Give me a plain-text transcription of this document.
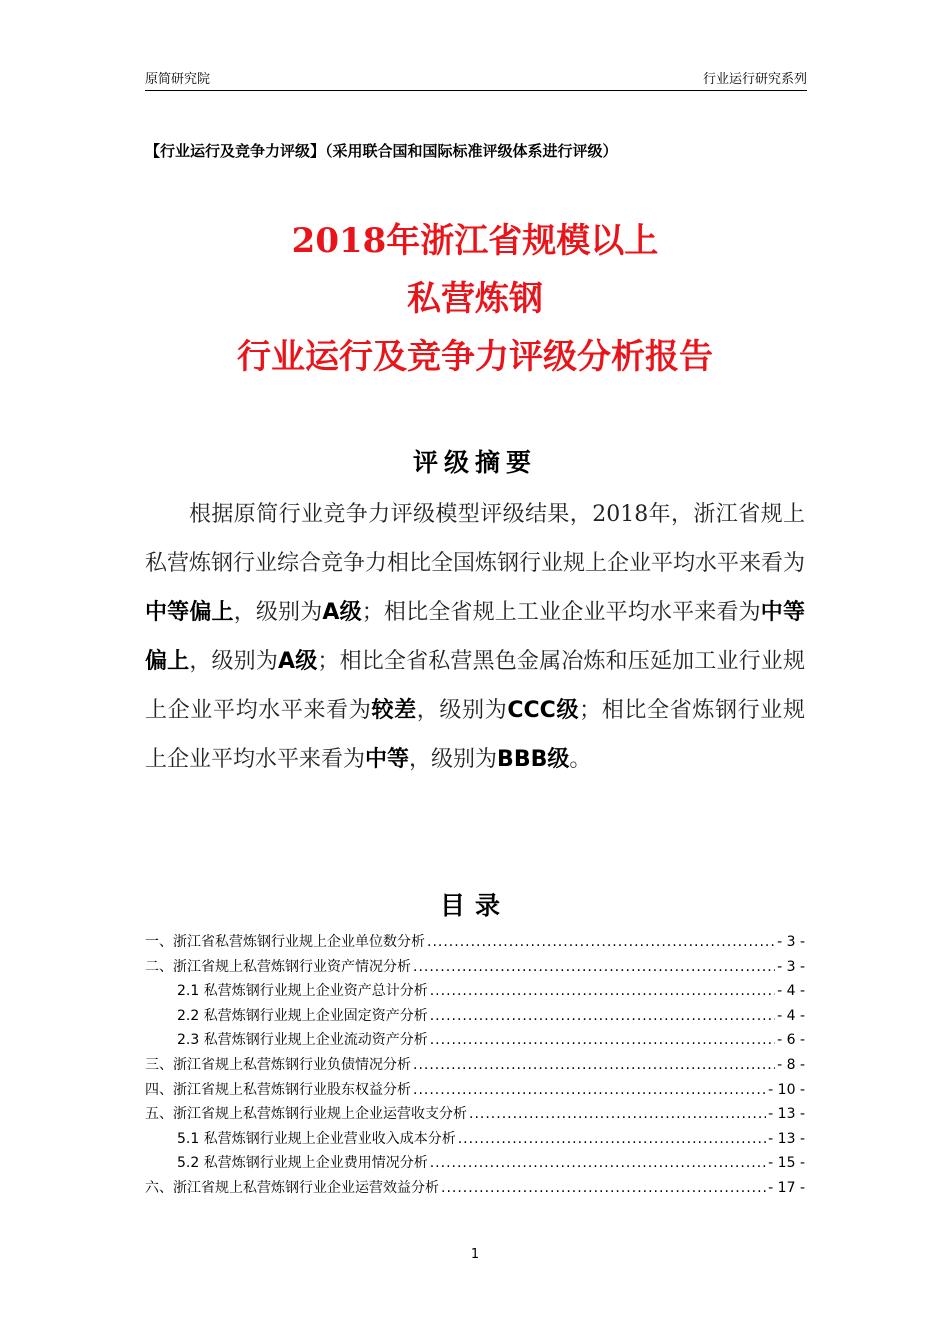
原简研究院	行业运行研究系列
【行业运行及竞争力评级】（采用联合国和国际标准评级体系进行评级）
2018年浙江省规模以上
私营炼钢
行业运行及竞争力评级分析报告
评级摘要
根据原简行业竞争力评级模型评级结果，2018年，浙江省规上私营炼钢行业综合竞争力相比全国炼钢行业规上企业平均水平来看为中等偏上，级别为A级；相比全省规上工业企业平均水平来看为中等偏上，级别为A级；相比全省私营黑色金属冶炼和压延加工业行业规上企业平均水平来看为较差，级别为CCC级；相比全省炼钢行业规上企业平均水平来看为中等，级别为BBB级。
目录
一、浙江省私营炼钢行业规上企业单位数分析 .....	- 3 -
二、浙江省规上私营炼钢行业资产情况分析 .....	- 3 -
2.1 私营炼钢行业规上企业资产总计分析 .....	- 4 -
2.2 私营炼钢行业规上企业固定资产分析 .....	- 4 -
2.3 私营炼钢行业规上企业流动资产分析 .....	- 6 -
三、浙江省规上私营炼钢行业负债情况分析 .....	- 8 -
四、浙江省规上私营炼钢行业股东权益分析 .....	- 10 -
五、浙江省规上私营炼钢行业规上企业运营收支分析 .....	- 13 -
5.1 私营炼钢行业规上企业营业收入成本分析 .....	- 13 -
5.2 私营炼钢行业规上企业费用情况分析 .....	- 15 -
六、浙江省规上私营炼钢行业企业运营效益分析 .....	- 17 -
1
